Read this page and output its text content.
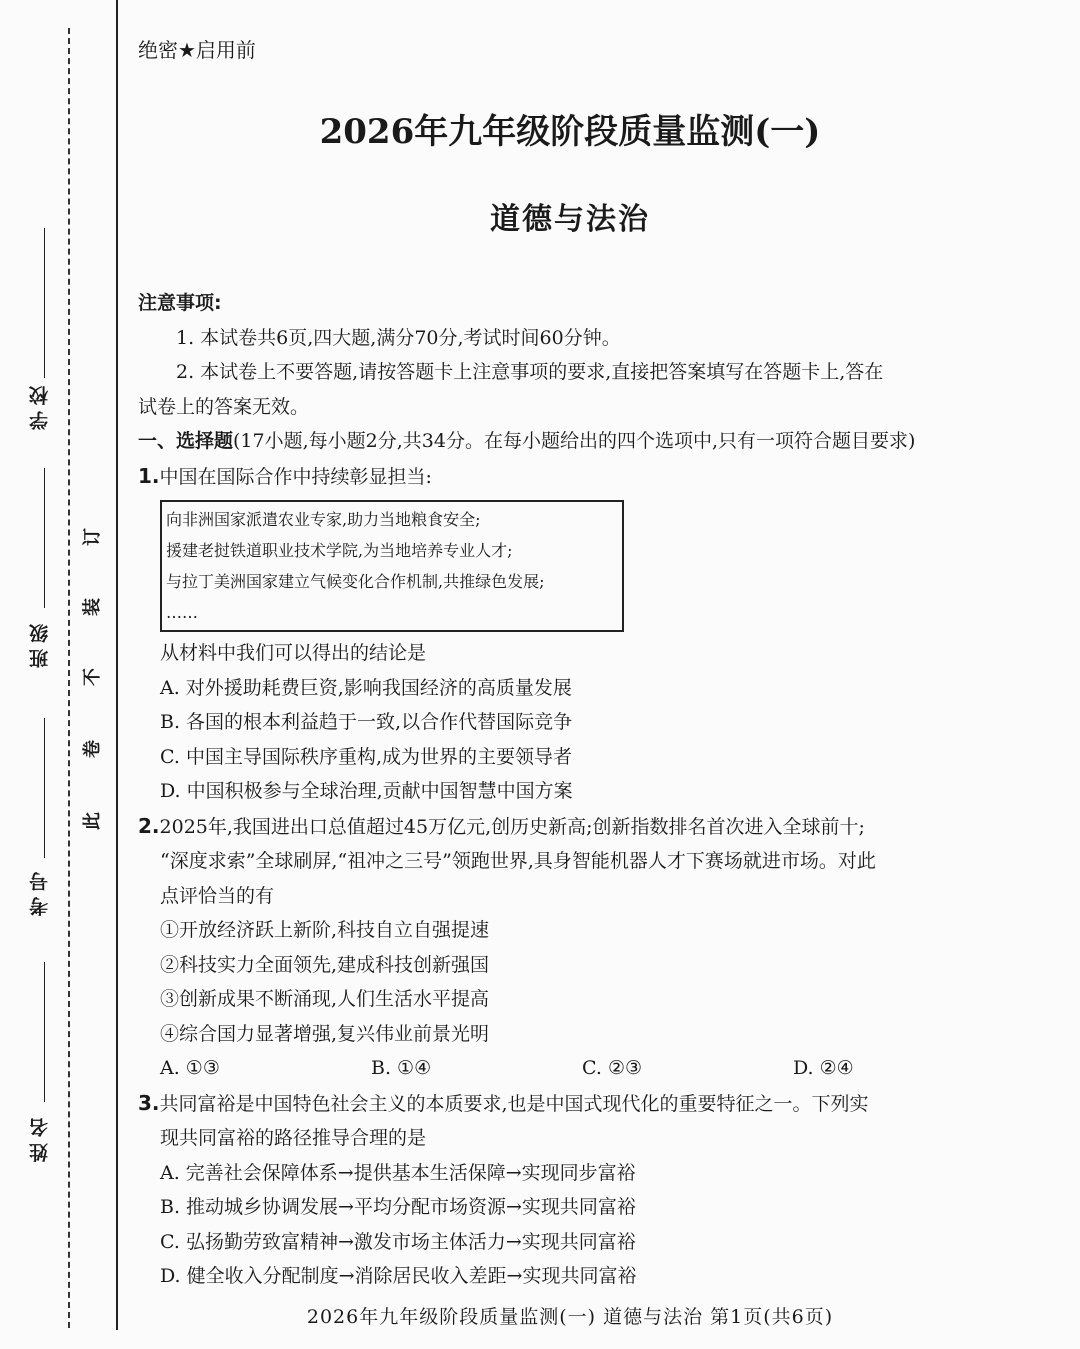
学校
班级
考号
姓名
订
装
不
卷
此
绝密★启用前
2026年九年级阶段质量监测(一)
道德与法治
注意事项:
1. 本试卷共6页,四大题,满分70分,考试时间60分钟。
2. 本试卷上不要答题,请按答题卡上注意事项的要求,直接把答案填写在答题卡上,答在
试卷上的答案无效。
一、选择题(17小题,每小题2分,共34分。在每小题给出的四个选项中,只有一项符合题目要求)
1.中国在国际合作中持续彰显担当:
向非洲国家派遣农业专家,助力当地粮食安全;
援建老挝铁道职业技术学院,为当地培养专业人才;
与拉丁美洲国家建立气候变化合作机制,共推绿色发展;
……
从材料中我们可以得出的结论是
A. 对外援助耗费巨资,影响我国经济的高质量发展
B. 各国的根本利益趋于一致,以合作代替国际竞争
C. 中国主导国际秩序重构,成为世界的主要领导者
D. 中国积极参与全球治理,贡献中国智慧中国方案
2.2025年,我国进出口总值超过45万亿元,创历史新高;创新指数排名首次进入全球前十;
“深度求索”全球刷屏,“祖冲之三号”领跑世界,具身智能机器人才下赛场就进市场。对此
点评恰当的有
①开放经济跃上新阶,科技自立自强提速
②科技实力全面领先,建成科技创新强国
③创新成果不断涌现,人们生活水平提高
④综合国力显著增强,复兴伟业前景光明
A. ①③	B. ①④	C. ②③	D. ②④
3.共同富裕是中国特色社会主义的本质要求,也是中国式现代化的重要特征之一。下列实
现共同富裕的路径推导合理的是
A. 完善社会保障体系→提供基本生活保障→实现同步富裕
B. 推动城乡协调发展→平均分配市场资源→实现共同富裕
C. 弘扬勤劳致富精神→激发市场主体活力→实现共同富裕
D. 健全收入分配制度→消除居民收入差距→实现共同富裕
2026年九年级阶段质量监测(一) 道德与法治 第1页(共6页)
